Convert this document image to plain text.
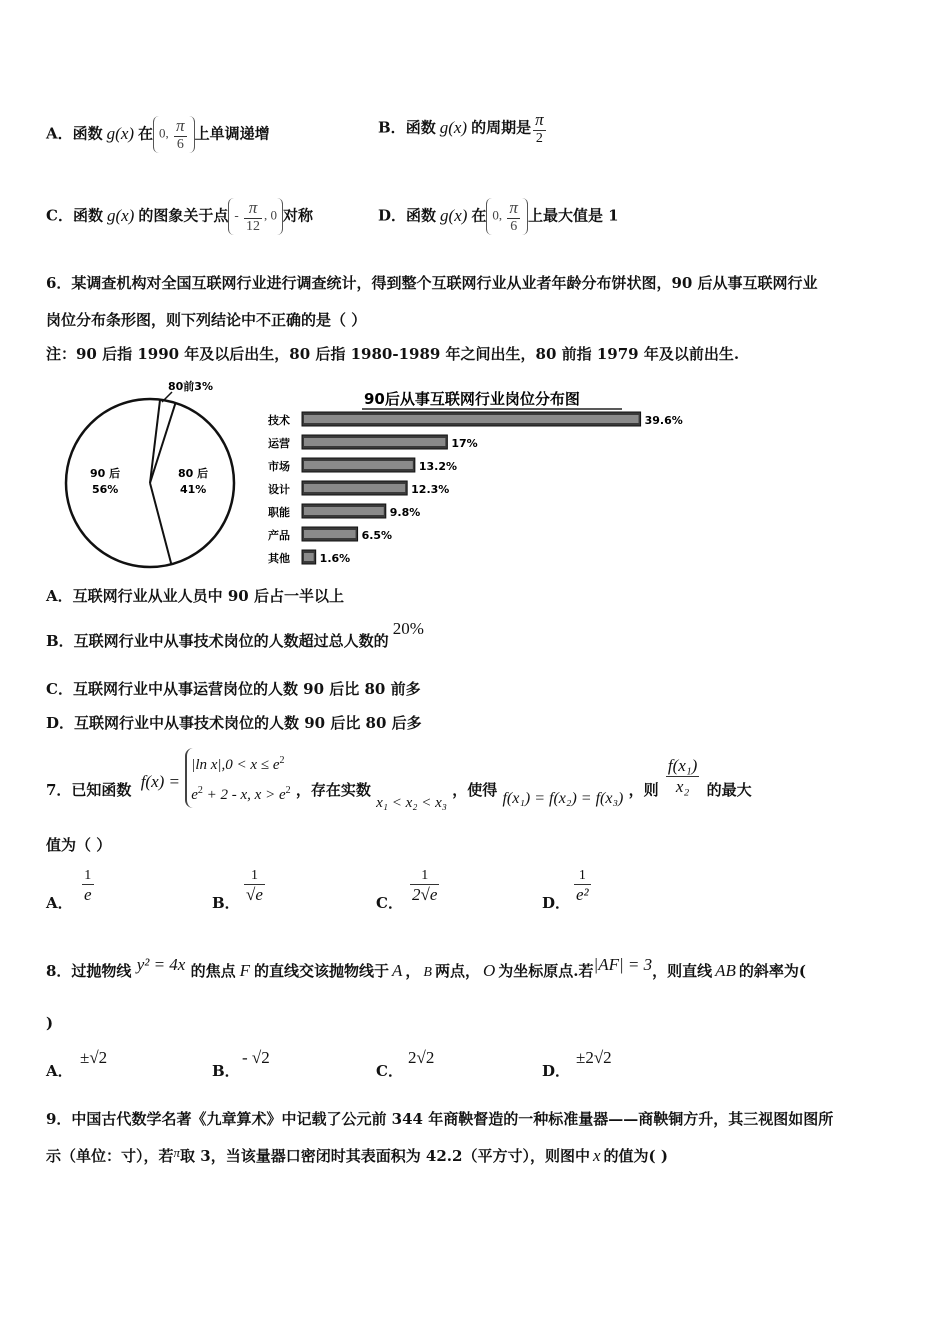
A．函数 g(x) 在 0, $\frac{\pi}{6}$ 上单调递增	B．函数 g(x) 的周期是 $\frac{\pi}{2}$
C．函数 g(x) 的图象关于点 - $\frac{\pi}{12}$ , 0 对称	D．函数 g(x) 在 0, $\frac{\pi}{6}$ 上最大值是 1
6．某调查机构对全国互联网行业进行调查统计，得到整个互联网行业从业者年龄分布饼状图，90 后从事互联网行业
岗位分布条形图，则下列结论中不正确的是（ ）
注：90 后指 1990 年及以后出生，80 后指 1980-1989 年之间出生，80 前指 1979 年及以前出生.
80前3%
90 后
56%
80 后
41%
90后从事互联网行业岗位分布图
技术	39.6%
运营	17%
市场	13.2%
设计	12.3%
职能	9.8%
产品	6.5%
其他	1.6%
A．互联网行业从业人员中 90 后占一半以上
B．互联网行业中从事技术岗位的人数超过总人数的20%
C．互联网行业中从事运营岗位的人数 90 后比 80 前多
D．互联网行业中从事技术岗位的人数 90 后比 80 后多
7．已知函数 f(x) =
|ln $x|,0 < x \le e^2$
$e^2 + 2 - x$, $x > e^2$ ，存在实数 x₁ < x₂ < x₃ ，使得 f(x₁) = f(x₂) = f(x₃) ，则 $\frac{\text{f(x₁)}}{\text{x₂}}$ 的最大
值为（ ）
A．
1
e	B．
1
√e	C．
1
2√e	D．
1
e²
8．过抛物线 y² = 4x 的焦点 F 的直线交该抛物线于 A ， B 两点， O 为坐标原点.若|AF| = 3，则直线 AB 的斜率为(
)
A．
±√2
B．
- √2
C．
2√2
D．
±2√2
9．中国古代数学名著《九章算术》中记载了公元前 344 年商鞅督造的一种标准量器——商鞅铜方升，其三视图如图所
示（单位：寸），若π取 3，当该量器口密闭时其表面积为 42.2（平方寸），则图中 x 的值为( )
